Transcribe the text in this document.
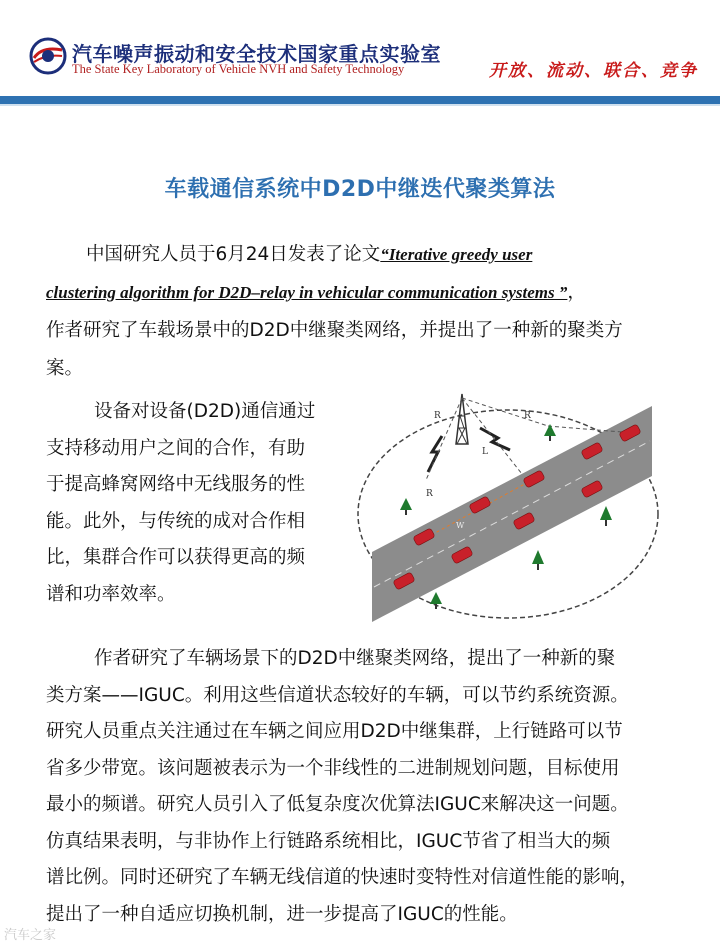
汽车噪声振动和安全技术国家重点实验室
The State Key Laboratory of Vehicle NVH and Safety Technology	开放、流动、联合、竞争
车载通信系统中D2D中继迭代聚类算法
中国研究人员于6月24日发表了论文“Iterative greedy user
clustering algorithm for D2D–relay in vehicular communication systems ”，
作者研究了车载场景中的D2D中继聚类网络，并提出了一种新的聚类方
案。
设备对设备(D2D)通信通过
支持移动用户之间的合作，有助
于提高蜂窝网络中无线服务的性
能。此外，与传统的成对合作相
比，集群合作可以获得更高的频
谱和功率效率。
R	R
R
L
W
作者研究了车辆场景下的D2D中继聚类网络，提出了一种新的聚
类方案——IGUC。利用这些信道状态较好的车辆，可以节约系统资源。
研究人员重点关注通过在车辆之间应用D2D中继集群，上行链路可以节
省多少带宽。该问题被表示为一个非线性的二进制规划问题，目标使用
最小的频谱。研究人员引入了低复杂度次优算法IGUC来解决这一问题。
仿真结果表明，与非协作上行链路系统相比，IGUC节省了相当大的频
谱比例。同时还研究了车辆无线信道的快速时变特性对信道性能的影响，
提出了一种自适应切换机制，进一步提高了IGUC的性能。
汽车之家
